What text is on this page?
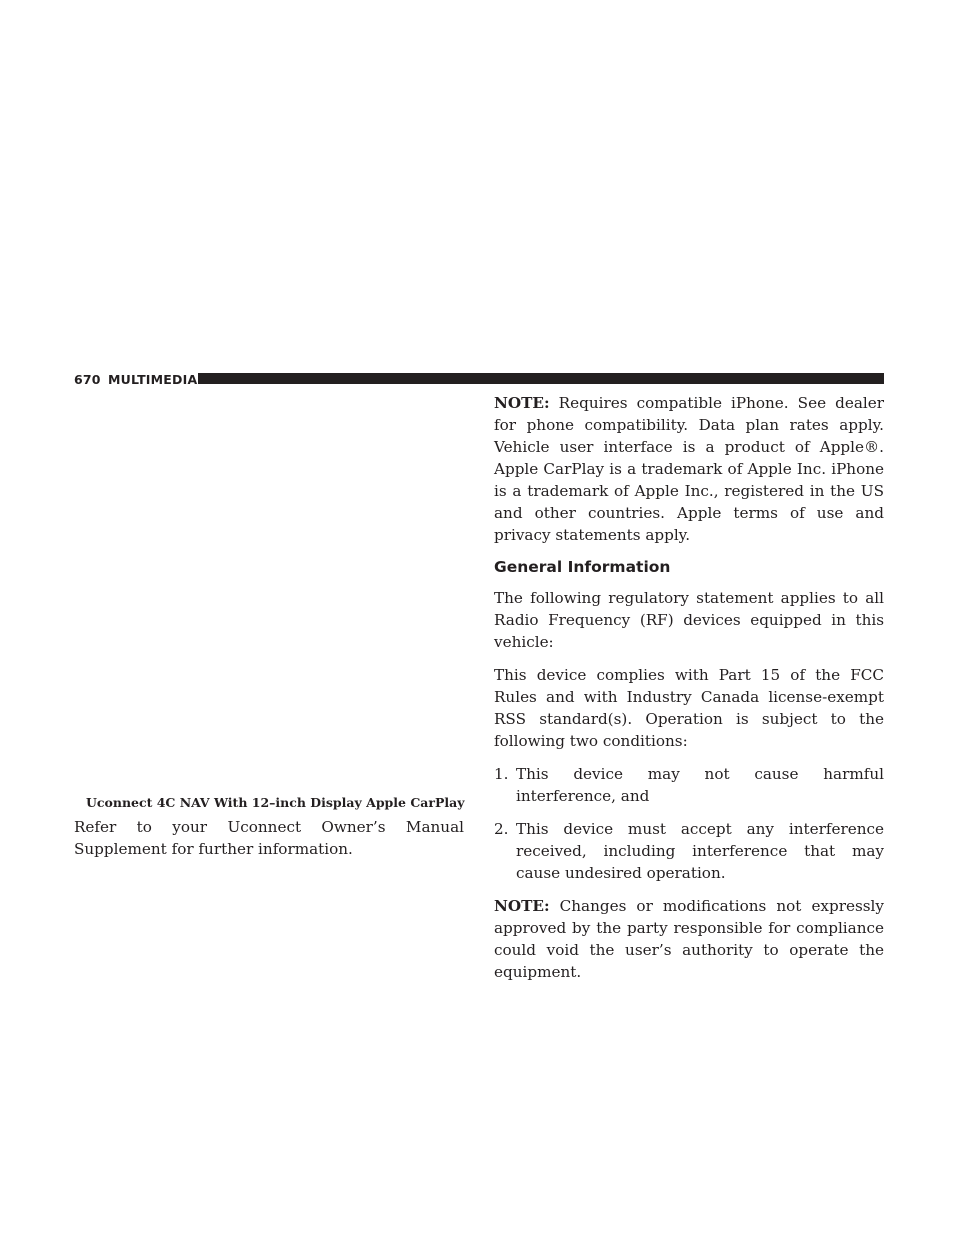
670 MULTIMEDIA
Uconnect 4C NAV With 12–inch Display Apple CarPlay

Refer to your Uconnect Owner’s Manual Supplement for further information.

NOTE: Requires compatible iPhone. See dealer for phone compatibility. Data plan rates apply. Vehicle user interface is a product of Apple®. Apple CarPlay is a trademark of Apple Inc. iPhone is a trademark of Apple Inc., registered in the US and other countries. Apple terms of use and privacy statements apply.

General Information

The following regulatory statement applies to all Radio Frequency (RF) devices equipped in this vehicle:

This device complies with Part 15 of the FCC Rules and with Industry Canada license-exempt RSS standard(s). Operation is subject to the following two conditions:

1. This device may not cause harmful interference, and
2. This device must accept any interference received, including interference that may cause undesired operation.

NOTE: Changes or modifications not expressly approved by the party responsible for compliance could void the user’s authority to operate the equipment.
